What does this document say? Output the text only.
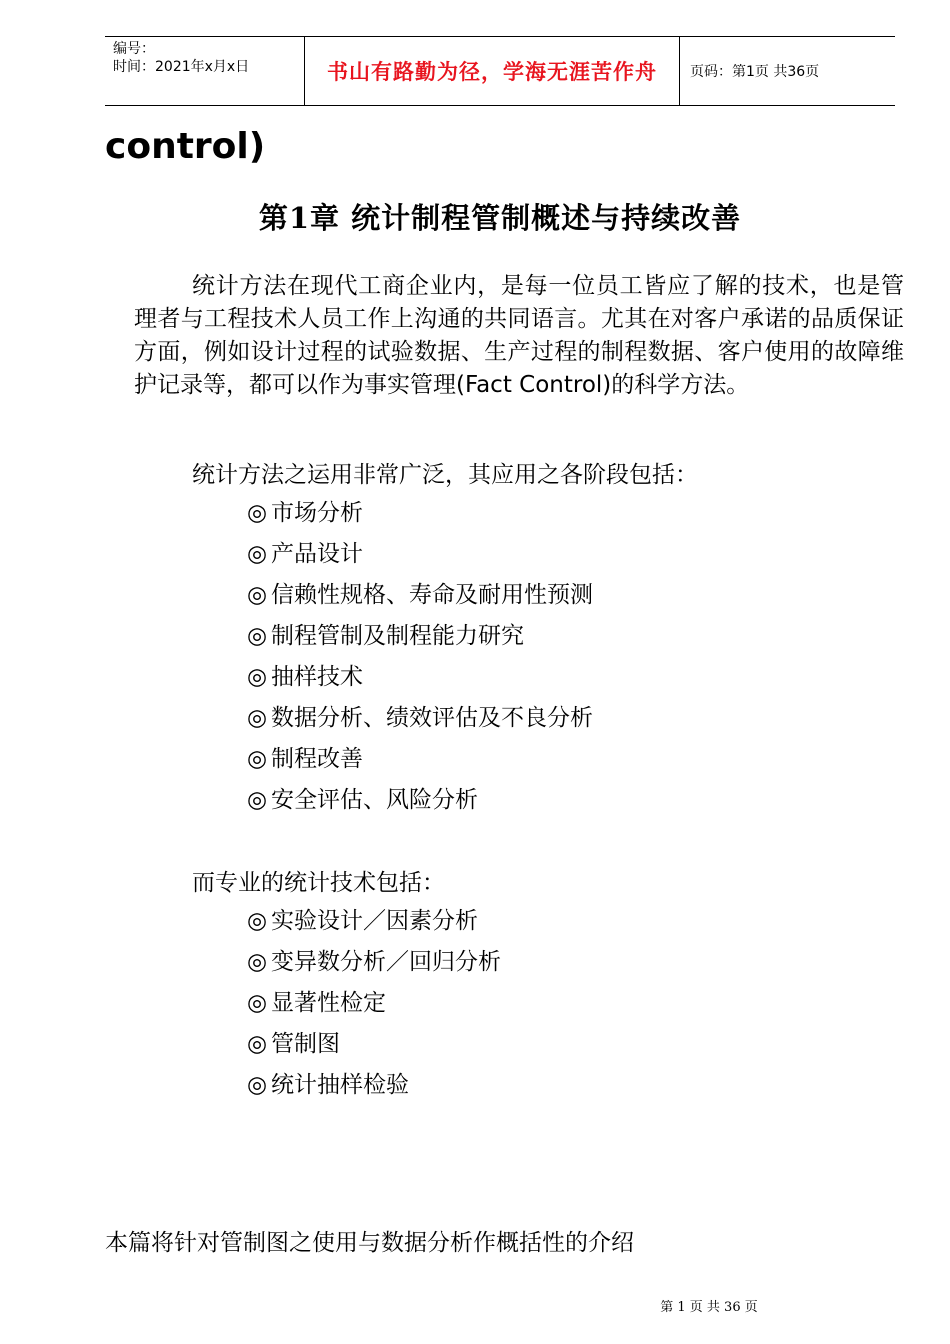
编号：
时间：2021年x月x日	书山有路勤为径，学海无涯苦作舟	页码：第1页 共36页
control)
第1章 统计制程管制概述与持续改善

统计方法在现代工商企业内，是每一位员工皆应了解的技术，也是管理者与工程技术人员工作上沟通的共同语言。尤其在对客户承诺的品质保证方面，例如设计过程的试验数据、生产过程的制程数据、客户使用的故障维护记录等，都可以作为事实管理(Fact Control)的科学方法。

统计方法之运用非常广泛，其应用之各阶段包括：

◎ 市场分析
◎ 产品设计
◎ 信赖性规格、寿命及耐用性预测
◎ 制程管制及制程能力研究
◎ 抽样技术
◎ 数据分析、绩效评估及不良分析
◎ 制程改善
◎ 安全评估、风险分析

而专业的统计技术包括：

◎ 实验设计／因素分析
◎ 变异数分析／回归分析
◎ 显著性检定
◎ 管制图
◎ 统计抽样检验

本篇将针对管制图之使用与数据分析作概括性的介绍

第 1 页 共 36 页
